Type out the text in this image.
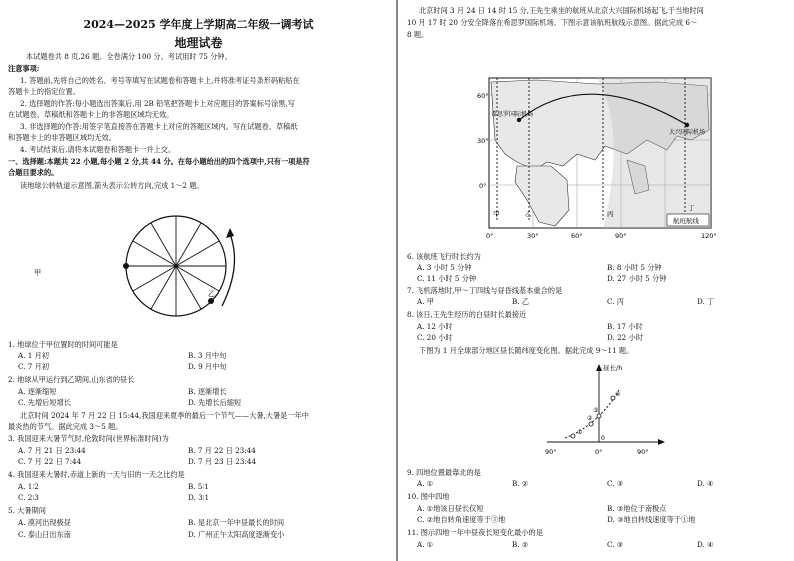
2024—2025 学年度上学期高二年级一调考试
地理试卷
本试题卷共 8 页,26 题。全卷满分 100 分。考试用时 75 分钟。
注意事项:
1. 答题前,先将自己的姓名、考号等填写在试题卷和答题卡上,并将准考证号条形码粘贴在
答题卡上的指定位置。
2. 选择题的作答:每小题选出答案后,用 2B 铅笔把答题卡上对应题目的答案标号涂黑,写
在试题卷、草稿纸和答题卡上的非答题区域均无效。
3. 非选择题的作答:用签字笔直接答在答题卡上对应的答题区域内。写在试题卷、草稿纸
和答题卡上的非答题区域均无效。
4. 考试结束后,请将本试题卷和答题卡一并上交。
一、选择题:本题共 22 小题,每小题 2 分,共 44 分。在每小题给出的四个选项中,只有一项是符
合题目要求的。
读地球公转轨道示意图,箭头表示公转方向,完成 1～2 题。
乙
甲
1. 地球位于甲位置时的时间可能是
A. 1 月初	B. 3 月中旬
C. 7 月初	D. 9 月中旬
2. 地球从甲运行到乙期间,山东省的昼长
A. 逐渐缩短	B. 逐渐增长
C. 先增后短增长	D. 先增长后缩短
北京时间 2024 年 7 月 22 日 15:44,我国迎来夏季的最后一个节气——大暑,大暑是一年中
最炎热的节气。据此完成 3～5 题。
3. 我国迎来大暑节气时,伦敦时间(世界标准时间)为
A. 7 月 21 日 23:44	B. 7 月 22 日 23:44
C. 7 月 22 日 7:44	D. 7 月 23 日 23:44
4. 我国迎来大暑时,赤道上新的一天与旧的一天之比约是
A. 1∶2	B. 5∶1
C. 2∶3	D. 3∶1
5. 大暑期间
A. 漠河出现极昼	B. 是北京一年中昼最长的时间
C. 泰山日出东南	D. 广州正午太阳高度逐渐变小
北京时间 3 月 24 日 14 时 15 分,王先生乘坐的航班从北京大兴国际机场起飞,于当地时间
10 月 17 时 20 分安全降落在希思罗国际机场。下图示意该航班航线示意图。据此完成 6～
8 题。
航班航线
60°
30°
0°
0°	30°	60°	90°	120°
希思罗国际机场
大兴国际机场
甲	乙	丙
丁
6. 该航班飞行时长约为
A. 3 小时 5 分钟	B. 8 小时 5 分钟
C. 11 小时 5 分钟	D. 27 小时 5 分钟
7. 飞机落地时,甲～丁四线与昼昏线基本重合的是
A. 甲	B. 乙	C. 丙	D. 丁
8. 该日,王先生经历的白昼时长最接近
A. 12 小时	B. 17 小时
C. 20 小时	D. 22 小时
下图为 1 月全球部分地区昼长随纬度变化图。据此完成 9～11 题。
昼长/h
90°	0°	90°
0
①
②
③
④
9. 四地位置最靠北的是
A. ①	B. ②	C. ③	D. ④
10. 图中四地
A. ①地该日昼长仅短	B. ③地位于南极点
C. ②地自转角速度等于③地	D. ③地自转线速度等于①地
11. 图示四地一年中昼夜长短变化最小的是
A. ①	B. ②	C. ③	D. ④
